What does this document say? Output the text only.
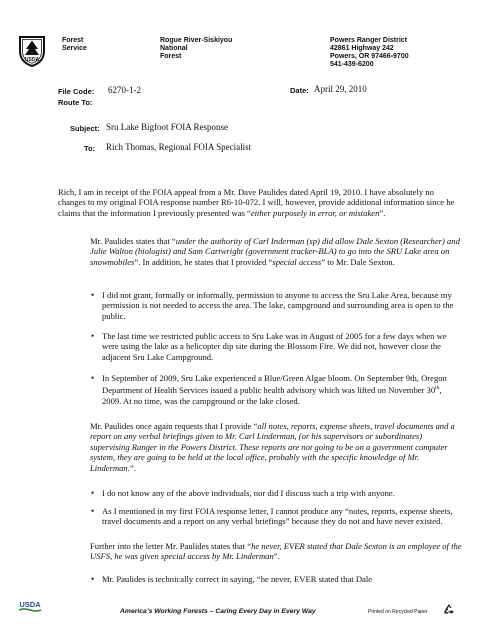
USDA
Forest
Service
Rogue River-Siskiyou
National
Forest
Powers Ranger District
42861 Highway 242
Powers, OR 97466-9700
541-439-6200
File Code: 6270-1-2
Route To:
Date: April 29, 2010
Subject: Sru Lake Bigfoot FOIA Response
To: Rich Thomas, Regional FOIA Specialist
Rich, I am in receipt of the FOIA appeal from a Mr. Dave Paulides dated April 19, 2010. I have absolutely no changes to my original FOIA response number R6-10-072. I will, however, provide additional information since he claims that the information I previously presented was “either purposely in error, or mistaken”.
Mr. Paulides states that “under the authority of Carl Inderman (sp) did allow Dale Sexton (Researcher) and Julie Walton (biologist) and Sam Cartwright (government tracker-BLA) to go into the SRU Lake area on snowmobiles”. In addition, he states that I provided “special access” to Mr. Dale Sexton.
• I did not grant, formally or informally, permission to anyone to access the Sru Lake Area, because my permission is not needed to access the area. The lake, campground and surrounding area is open to the public.
• The last time we restricted public access to Sru Lake was in August of 2005 for a few days when we were using the lake as a helicopter dip site during the Blossom Fire. We did not, however close the adjacent Sru Lake Campground.
• In September of 2009, Sru Lake experienced a Blue/Green Algae bloom. On September 9th, Oregon Department of Health Services issued a public health advisory which was lifted on November 30th, 2009. At no time, was the campground or the lake closed.
Mr. Paulides once again requests that I provide “all notes, reports, expense sheets, travel documents and a report on any verbal briefings given to Mr. Carl Linderman, (or his supervisors or subordinates) supervising Ranger in the Powers District. These reports are not going to be on a government computer system, they are going to be held at the local office, probably with the specific knowledge of Mr. Linderman.”.
• I do not know any of the above individuals, nor did I discuss such a trip with anyone.
• As I mentioned in my first FOIA response letter, I cannot produce any “notes, reports, expense sheets, travel documents and a report on any verbal briefings” because they do not and have never existed.
Further into the letter Mr. Paulides states that “he never, EVER stated that Dale Sexton is an employee of the USFS, he was given special access by Mr. Linderman”.
• Mr. Paulides is technically correct in saying, “he never, EVER stated that Dale
USDA
America’s Working Forests – Caring Every Day in Every Way	Printed on Recycled Paper
